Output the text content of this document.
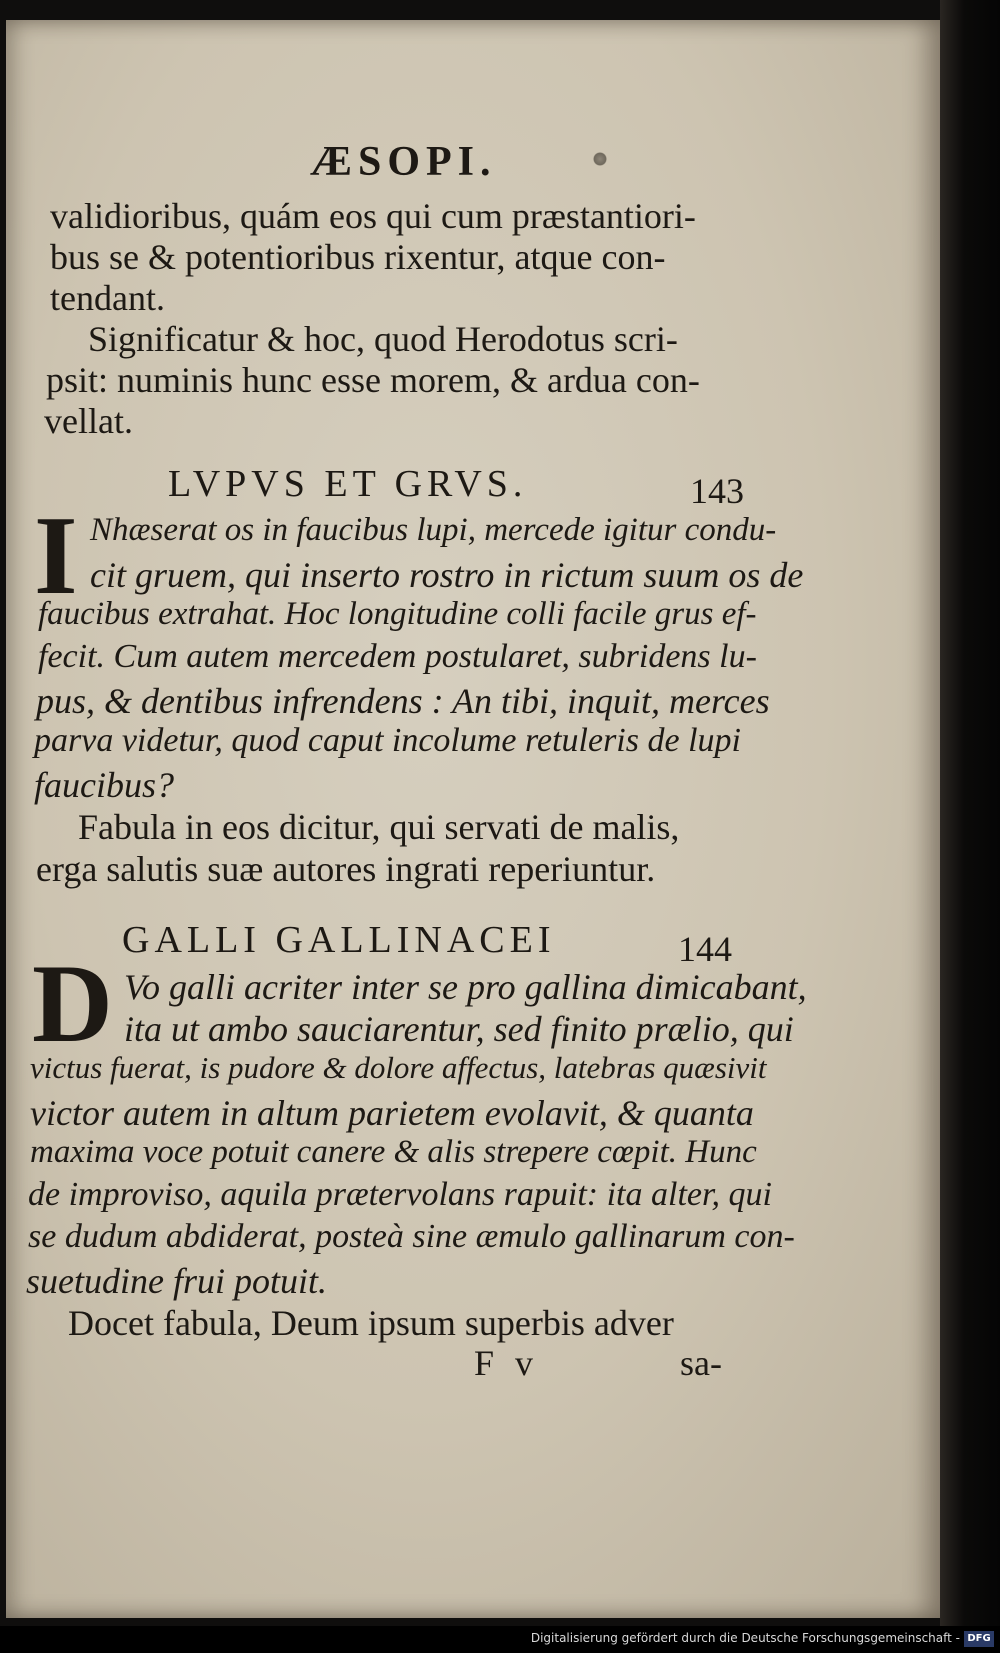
ÆSOPI.
validioribus, quám eos qui cum præstantiori-
bus se & potentioribus rixentur, atque con-
tendant.
Significatur & hoc, quod Herodotus scri-
psit: numinis hunc esse morem, & ardua con-
vellat.
LVPVS ET GRVS.	143
I Nhæserat os in faucibus lupi, mercede igitur condu-
cit gruem, qui inserto rostro in rictum suum os de
faucibus extrahat. Hoc longitudine colli facile grus ef-
fecit. Cum autem mercedem postularet, subridens lu-
pus, & dentibus infrendens : An tibi, inquit, merces
parva videtur, quod caput incolume retuleris de lupi
faucibus?
Fabula in eos dicitur, qui servati de malis,
erga salutis suæ autores ingrati reperiuntur.
GALLI GALLINACEI	144
D Vo galli acriter inter se pro gallina dimicabant,
ita ut ambo sauciarentur, sed finito prælio, qui
victus fuerat, is pudore & dolore affectus, latebras quæsivit
victor autem in altum parietem evolavit, & quanta
maxima voce potuit canere & alis strepere cœpit. Hunc
de improviso, aquila prætervolans rapuit: ita alter, qui
se dudum abdiderat, posteà sine æmulo gallinarum con-
suetudine frui potuit.
Docet fabula, Deum ipsum superbis adver
F v	sa-
Digitalisierung gefördert durch die Deutsche Forschungsgemeinschaft - DFG
